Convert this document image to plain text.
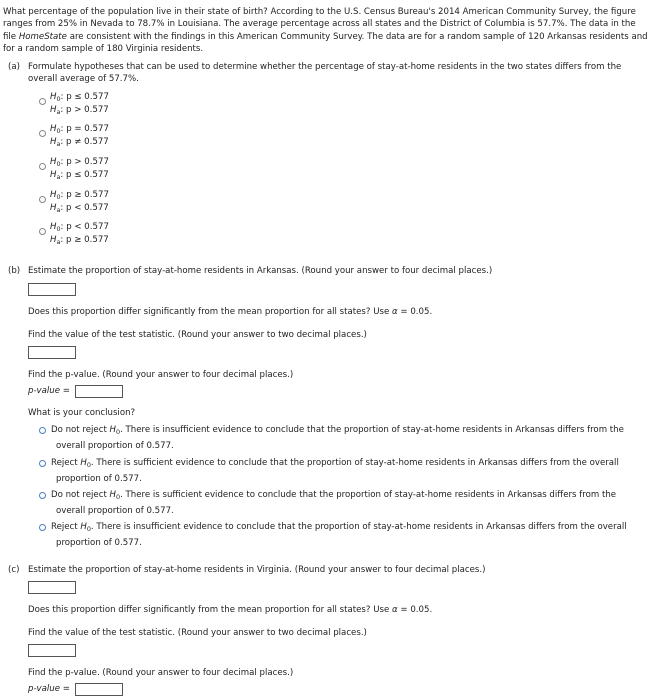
What percentage of the population live in their state of birth? According to the U.S. Census Bureau's 2014 American Community Survey, the figure ranges from 25% in Nevada to 78.7% in Louisiana. The average percentage across all states and the District of Columbia is 57.7%. The data in the file HomeState are consistent with the findings in this American Community Survey. The data are for a random sample of 120 Arkansas residents and for a random sample of 180 Virginia residents.
(a) Formulate hypotheses that can be used to determine whether the percentage of stay-at-home residents in the two states differs from the
overall average of 57.7%.
$H_0$: p ≤ 0.577
$H_a$: p > 0.577
$H_0$: p = 0.577
$H_a$: p ≠ 0.577
$H_0$: p > 0.577
$H_a$: p ≤ 0.577
$H_0$: p ≥ 0.577
$H_a$: p < 0.577
$H_0$: p < 0.577
$H_a$: p ≥ 0.577
(b) Estimate the proportion of stay-at-home residents in Arkansas. (Round your answer to four decimal places.)
Does this proportion differ significantly from the mean proportion for all states? Use α = 0.05.
Find the value of the test statistic. (Round your answer to two decimal places.)
Find the p-value. (Round your answer to four decimal places.)
p-value =
What is your conclusion?
Do not reject $H_0$. There is insufficient evidence to conclude that the proportion of stay-at-home residents in Arkansas differs from the
overall proportion of 0.577.
Reject $H_0$. There is sufficient evidence to conclude that the proportion of stay-at-home residents in Arkansas differs from the overall
proportion of 0.577.
Do not reject $H_0$. There is sufficient evidence to conclude that the proportion of stay-at-home residents in Arkansas differs from the
overall proportion of 0.577.
Reject $H_0$. There is insufficient evidence to conclude that the proportion of stay-at-home residents in Arkansas differs from the overall
proportion of 0.577.
(c) Estimate the proportion of stay-at-home residents in Virginia. (Round your answer to four decimal places.)
Does this proportion differ significantly from the mean proportion for all states? Use α = 0.05.
Find the value of the test statistic. (Round your answer to two decimal places.)
Find the p-value. (Round your answer to four decimal places.)
p-value =
